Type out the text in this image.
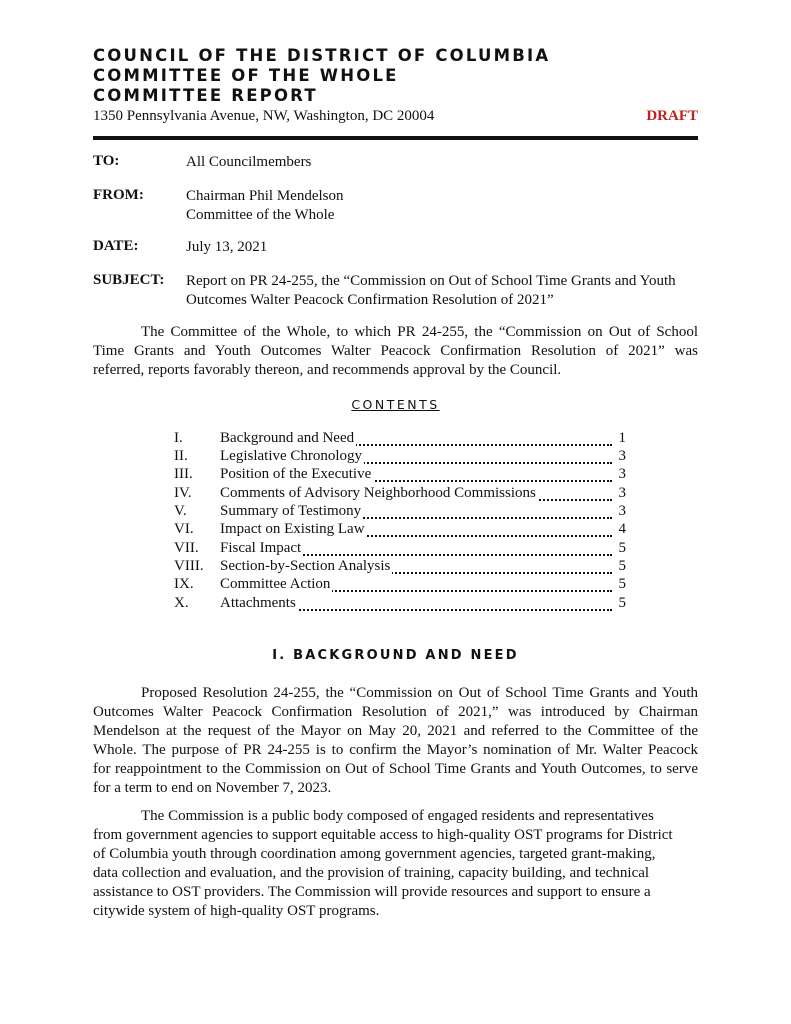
COUNCIL OF THE DISTRICT OF COLUMBIA
COMMITTEE OF THE WHOLE
COMMITTEE REPORT
1350 Pennsylvania Avenue, NW, Washington, DC 20004	DRAFT
TO:	All Councilmembers
FROM:	Chairman Phil Mendelson
Committee of the Whole
DATE:	July 13, 2021
SUBJECT: Report on PR 24-255, the “Commission on Out of School Time Grants and Youth
Outcomes Walter Peacock Confirmation Resolution of 2021”
The Committee of the Whole, to which PR 24-255, the “Commission on Out of School
Time Grants and Youth Outcomes Walter Peacock Confirmation Resolution of 2021” was
referred, reports favorably thereon, and recommends approval by the Council.
CONTENTS
I. Background and Need	1
II. Legislative Chronology	3
III. Position of the Executive	3
IV. Comments of Advisory Neighborhood Commissions	3
V. Summary of Testimony	3
VI. Impact on Existing Law	4
VII. Fiscal Impact	5
VIII. Section-by-Section Analysis	5
IX. Committee Action	5
X. Attachments	5
I. BACKGROUND AND NEED
Proposed Resolution 24-255, the “Commission on Out of School Time Grants and Youth
Outcomes Walter Peacock Confirmation Resolution of 2021,” was introduced by Chairman
Mendelson at the request of the Mayor on May 20, 2021 and referred to the Committee of the
Whole. The purpose of PR 24-255 is to confirm the Mayor’s nomination of Mr. Walter Peacock
for reappointment to the Commission on Out of School Time Grants and Youth Outcomes, to serve
for a term to end on November 7, 2023.
The Commission is a public body composed of engaged residents and representatives
from government agencies to support equitable access to high-quality OST programs for District
of Columbia youth through coordination among government agencies, targeted grant-making,
data collection and evaluation, and the provision of training, capacity building, and technical
assistance to OST providers. The Commission will provide resources and support to ensure a
citywide system of high-quality OST programs.
